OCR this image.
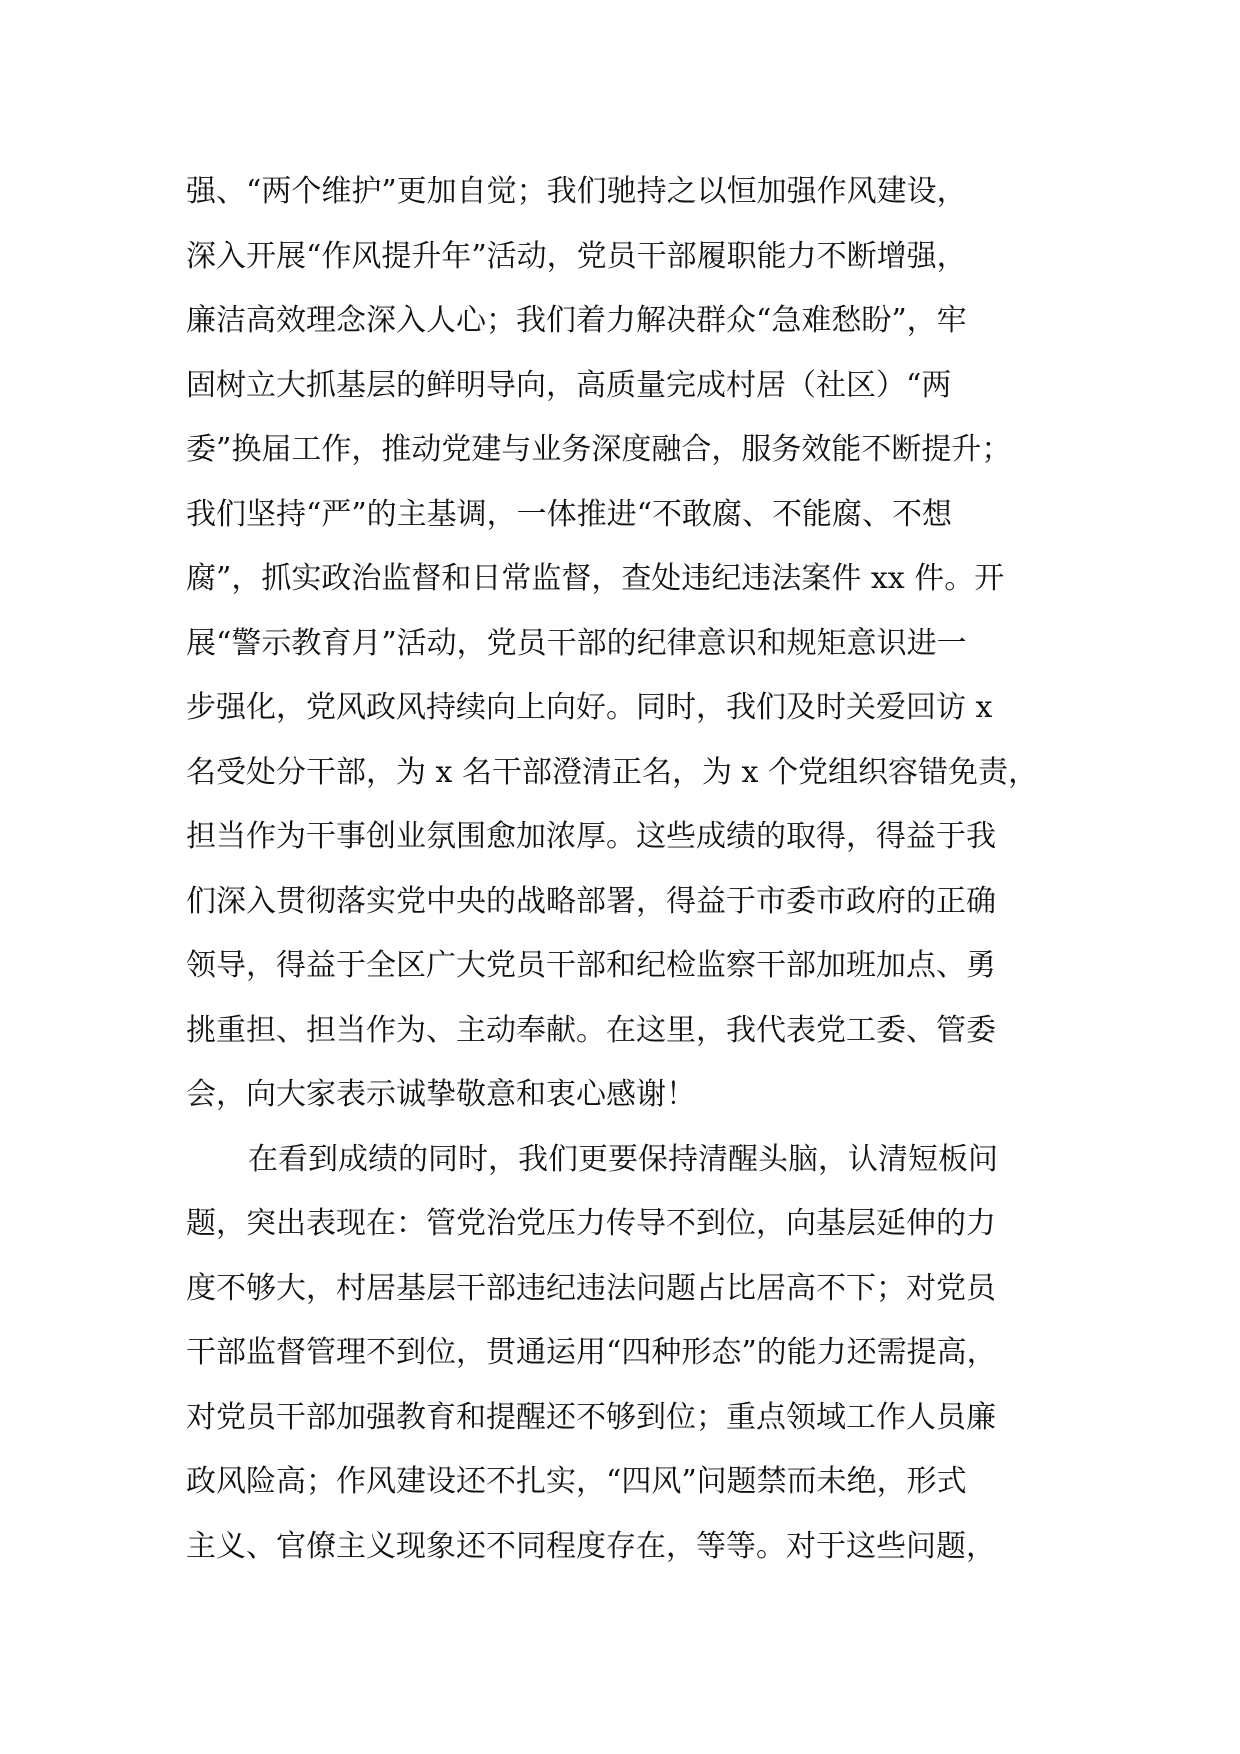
强、“两个维护”更加自觉；我们驰持之以恒加强作风建设，
深入开展“作风提升年”活动，党员干部履职能力不断增强，
廉洁高效理念深入人心；我们着力解决群众“急难愁盼”，牢
固树立大抓基层的鲜明导向，高质量完成村居（社区）“两
委”换届工作，推动党建与业务深度融合，服务效能不断提升；
我们坚持“严”的主基调，一体推进“不敢腐、不能腐、不想
腐”，抓实政治监督和日常监督，查处违纪违法案件 xx 件。开
展“警示教育月”活动，党员干部的纪律意识和规矩意识进一
步强化，党风政风持续向上向好。同时，我们及时关爱回访 x
名受处分干部，为 x 名干部澄清正名，为 x 个党组织容错免责，
担当作为干事创业氛围愈加浓厚。这些成绩的取得，得益于我
们深入贯彻落实党中央的战略部署，得益于市委市政府的正确
领导，得益于全区广大党员干部和纪检监察干部加班加点、勇
挑重担、担当作为、主动奉献。在这里，我代表党工委、管委
会，向大家表示诚挚敬意和衷心感谢！
在看到成绩的同时，我们更要保持清醒头脑，认清短板问
题，突出表现在：管党治党压力传导不到位，向基层延伸的力
度不够大，村居基层干部违纪违法问题占比居高不下；对党员
干部监督管理不到位，贯通运用“四种形态”的能力还需提高，
对党员干部加强教育和提醒还不够到位；重点领域工作人员廉
政风险高；作风建设还不扎实，“四风”问题禁而未绝，形式
主义、官僚主义现象还不同程度存在，等等。对于这些问题，
